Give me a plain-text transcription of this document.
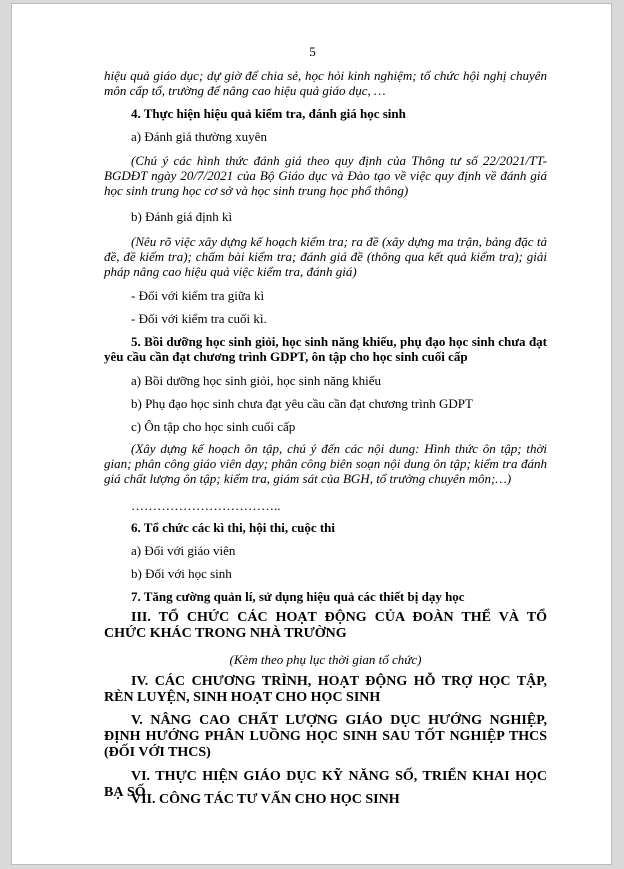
5

hiệu quả giáo dục; dự giờ để chia sẻ, học hỏi kinh nghiệm; tổ chức hội nghị chuyên môn cấp tổ, trường để nâng cao hiệu quả giáo dục, …

4. Thực hiện hiệu quả kiểm tra, đánh giá học sinh

a) Đánh giá thường xuyên

(Chú ý các hình thức đánh giá theo quy định của Thông tư số 22/2021/TT-BGDĐT ngày 20/7/2021 của Bộ Giáo dục và Đào tạo về việc quy định về đánh giá học sinh trung học cơ sở và học sinh trung học phổ thông)

b) Đánh giá định kì

(Nêu rõ việc xây dựng kế hoạch kiểm tra; ra đề (xây dựng ma trận, bảng đặc tả đề, đề kiểm tra); chấm bài kiểm tra; đánh giá đề (thông qua kết quả kiểm tra); giải pháp nâng cao hiệu quả việc kiểm tra, đánh giá)

- Đối với kiểm tra giữa kì

- Đối với kiểm tra cuối kì.

5. Bồi dưỡng học sinh giỏi, học sinh năng khiếu, phụ đạo học sinh chưa đạt yêu cầu cần đạt chương trình GDPT, ôn tập cho học sinh cuối cấp

a) Bồi dưỡng học sinh giỏi, học sinh năng khiếu

b) Phụ đạo học sinh chưa đạt yêu cầu cần đạt chương trình GDPT

c) Ôn tập cho học sinh cuối cấp

(Xây dựng kế hoạch ôn tập, chú ý đến các nội dung: Hình thức ôn tập; thời gian; phân công giáo viên dạy; phân công biên soạn nội dung ôn tập; kiểm tra đánh giá chất lượng ôn tập; kiểm tra, giám sát của BGH, tổ trưởng chuyên môn;…)

……………………………..

6. Tổ chức các kì thi, hội thi, cuộc thi

a) Đối với giáo viên

b) Đối với học sinh

7. Tăng cường quản lí, sử dụng hiệu quả các thiết bị dạy học

III. TỔ CHỨC CÁC HOẠT ĐỘNG CỦA ĐOÀN THỂ VÀ TỔ CHỨC KHÁC TRONG NHÀ TRƯỜNG

(Kèm theo phụ lục thời gian tổ chức)

IV. CÁC CHƯƠNG TRÌNH, HOẠT ĐỘNG HỖ TRỢ HỌC TẬP, RÈN LUYỆN, SINH HOẠT CHO HỌC SINH

V. NÂNG CAO CHẤT LƯỢNG GIÁO DỤC HƯỚNG NGHIỆP, ĐỊNH HƯỚNG PHÂN LUỒNG HỌC SINH SAU TỐT NGHIỆP THCS (ĐỐI VỚI THCS)

VI. THỰC HIỆN GIÁO DỤC KỸ NĂNG SỐ, TRIỂN KHAI HỌC BẠ SỐ

VII. CÔNG TÁC TƯ VẤN CHO HỌC SINH
